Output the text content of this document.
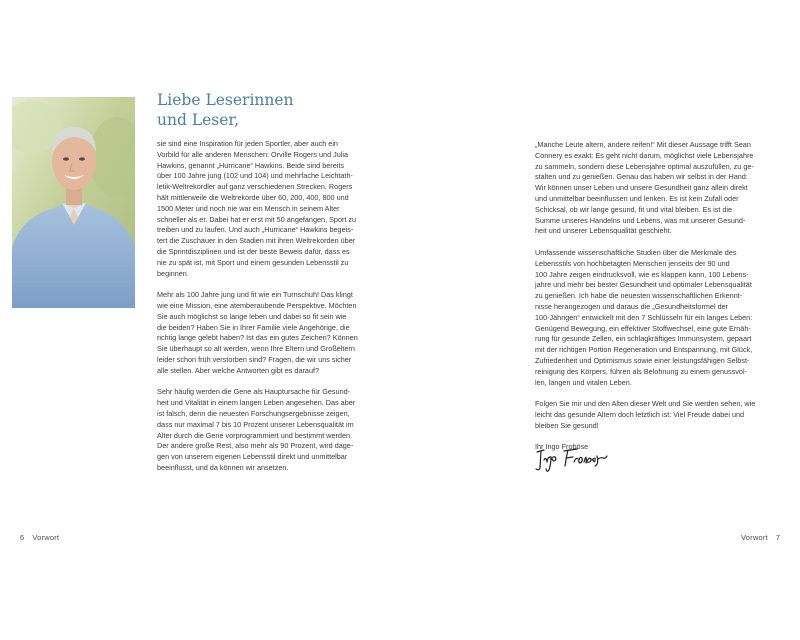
Liebe Leserinnen
und Leser,

sie sind eine Inspiration für jeden Sportler, aber auch ein
Vorbild für alle anderen Menschen: Orville Rogers und Julia
Hawkins, genannt „Hurricane“ Hawkins. Beide sind bereits
über 100 Jahre jung (102 und 104) und mehrfache Leichtath-
letik-Weltrekordler auf ganz verschiedenen Strecken. Rogers
hält mittlerweile die Weltrekorde über 60, 200, 400, 800 und
1500 Meter und noch nie war ein Mensch in seinem Alter
schneller als er. Dabei hat er erst mit 50 angefangen, Sport zu
treiben und zu laufen. Und auch „Hurricane“ Hawkins begeis-
tert die Zuschauer in den Stadien mit ihren Weltrekorden über
die Sprintdisziplinen und ist der beste Beweis dafür, dass es
nie zu spät ist, mit Sport und einem gesunden Lebensstil zu
beginnen.

Mehr als 100 Jahre jung und fit wie ein Turnschuh! Das klingt
wie eine Mission, eine atemberaubende Perspektive. Möchten
Sie auch möglichst so lange leben und dabei so fit sein wie
die beiden? Haben Sie in Ihrer Familie viele Angehörige, die
richtig lange gelebt haben? Ist das ein gutes Zeichen? Können
Sie überhaupt so alt werden, wenn Ihre Eltern und Großeltern
leider schon früh verstorben sind? Fragen, die wir uns sicher
alle stellen. Aber welche Antworten gibt es darauf?

Sehr häufig werden die Gene als Hauptursache für Gesund-
heit und Vitalität in einem langen Leben angesehen. Das aber
ist falsch, denn die neuesten Forschungsergebnisse zeigen,
dass nur maximal 7 bis 10 Prozent unserer Lebensqualität im
Alter durch die Gene vorprogrammiert und bestimmt werden.
Der andere große Rest, also mehr als 90 Prozent, wird dage-
gen von unserem eigenen Lebensstil direkt und unmittelbar
beeinflusst, und da können wir ansetzen.

„Manche Leute altern, andere reifen!“ Mit dieser Aussage trifft Sean
Connery es exakt: Es geht nicht darum, möglichst viele Lebensjahre
zu sammeln, sondern diese Lebensjahre optimal auszufüllen, zu ge-
stalten und zu genießen. Genau das haben wir selbst in der Hand:
Wir können unser Leben und unsere Gesundheit ganz allein direkt
und unmittelbar beeinflussen und lenken. Es ist kein Zufall oder
Schicksal, ob wir lange gesund, fit und vital bleiben. Es ist die
Summe unseres Handelns und Lebens, was mit unserer Gesund-
heit und unserer Lebensqualität geschieht.

Umfassende wissenschaftliche Studien über die Merkmale des
Lebensstils von hochbetagten Menschen jenseits der 90 und
100 Jahre zeigen eindrucksvoll, wie es klappen kann, 100 Lebens-
jahre und mehr bei bester Gesundheit und optimaler Lebensqualität
zu genießen. Ich habe die neuesten wissenschaftlichen Erkennt-
nisse herangezogen und daraus die „Gesundheitsformel der
100-Jährigen“ entwickelt mit den 7 Schlüsseln für ein langes Leben:
Genügend Bewegung, ein effektiver Stoffwechsel, eine gute Ernäh-
rung für gesunde Zellen, ein schlagkräftiges Immunsystem, gepaart
mit der richtigen Portion Regeneration und Entspannung, mit Glück,
Zufriedenheit und Optimismus sowie einer leistungsfähigen Selbst-
reinigung des Körpers, führen als Belohnung zu einem genussvol-
len, langen und vitalen Leben.

Folgen Sie mir und den Alten dieser Welt und Sie werden sehen, wie
leicht das gesunde Altern doch letztlich ist: Viel Freude dabei und
bleiben Sie gesund!

Ihr Ingo Froböse

6 Vorwort	Vorwort 7
